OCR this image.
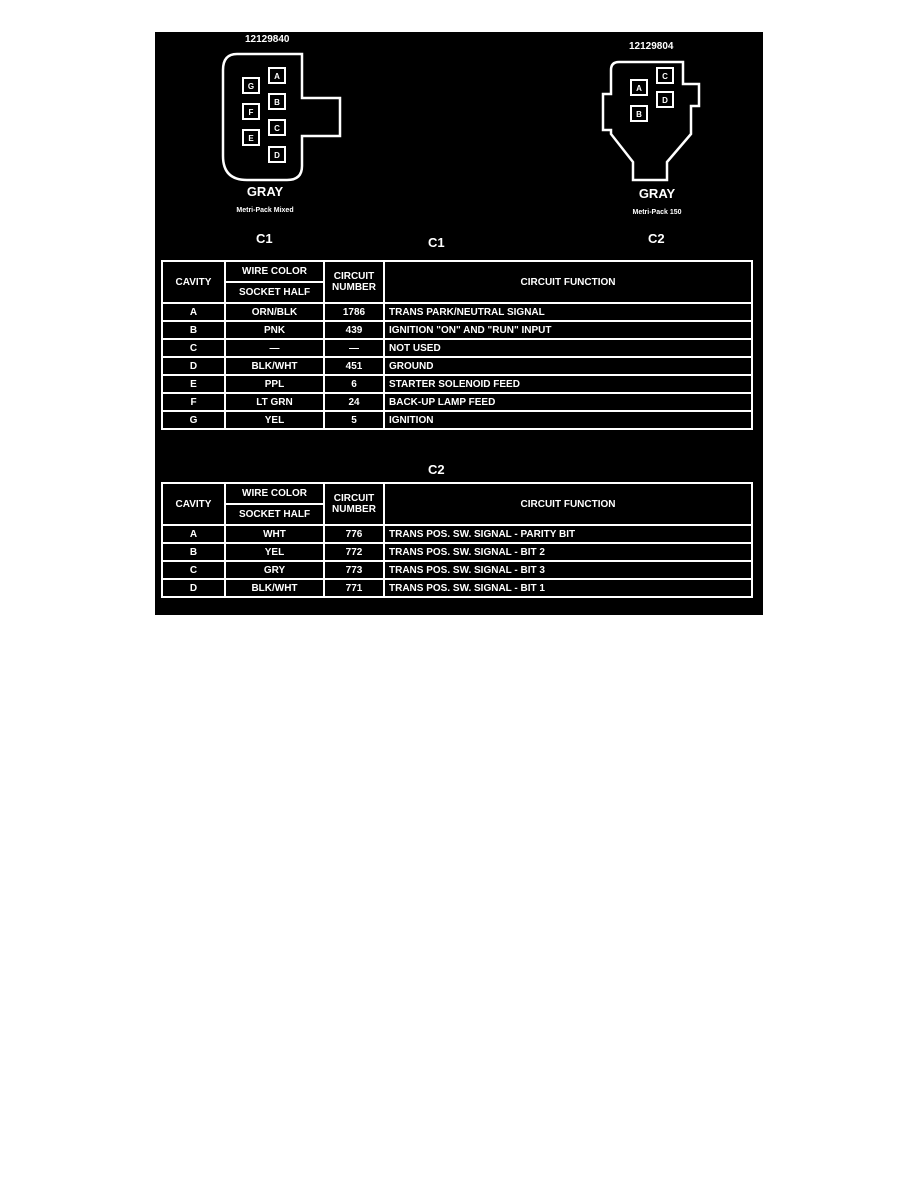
12129840
G
A
F
B
E
C
D
GRAY
Metri-Pack Mixed
C1
12129804
C
A
D
B
GRAY
Metri-Pack 150
C2
C1
CAVITY	WIRE COLOR	CIRCUIT NUMBER	CIRCUIT FUNCTION
	SOCKET HALF		
A	ORN/BLK	1786	TRANS PARK/NEUTRAL SIGNAL
B	PNK	439	IGNITION "ON" AND "RUN" INPUT
C	—	—	NOT USED
D	BLK/WHT	451	GROUND
E	PPL	6	STARTER SOLENOID FEED
F	LT GRN	24	BACK-UP LAMP FEED
G	YEL	5	IGNITION
C2
CAVITY	WIRE COLOR	CIRCUIT NUMBER	CIRCUIT FUNCTION
	SOCKET HALF		
A	WHT	776	TRANS POS. SW. SIGNAL - PARITY BIT
B	YEL	772	TRANS POS. SW. SIGNAL - BIT 2
C	GRY	773	TRANS POS. SW. SIGNAL - BIT 3
D	BLK/WHT	771	TRANS POS. SW. SIGNAL - BIT 1
